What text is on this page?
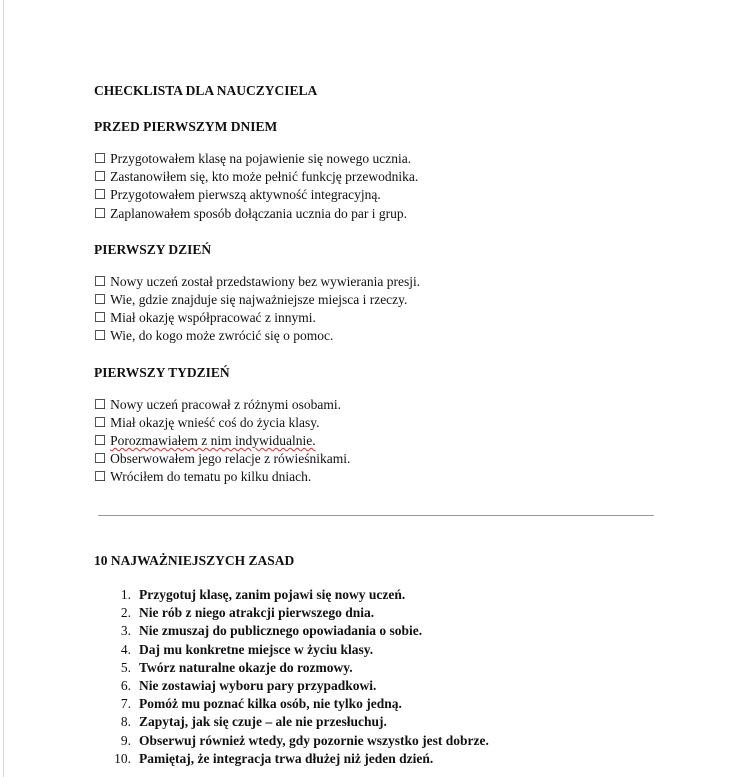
CHECKLISTA DLA NAUCZYCIELA

PRZED PIERWSZYM DNIEM

☐ Przygotowałem klasę na pojawienie się nowego ucznia.
☐ Zastanowiłem się, kto może pełnić funkcję przewodnika.
☐ Przygotowałem pierwszą aktywność integracyjną.
☐ Zaplanowałem sposób dołączania ucznia do par i grup.

PIERWSZY DZIEŃ

☐ Nowy uczeń został przedstawiony bez wywierania presji.
☐ Wie, gdzie znajduje się najważniejsze miejsca i rzeczy.
☐ Miał okazję współpracować z innymi.
☐ Wie, do kogo może zwrócić się o pomoc.

PIERWSZY TYDZIEŃ

☐ Nowy uczeń pracował z różnymi osobami.
☐ Miał okazję wnieść coś do życia klasy.
☐ Porozmawiałem z nim indywidualnie.
☐ Obserwowałem jego relacje z rówieśnikami.
☐ Wróciłem do tematu po kilku dniach.

10 NAJWAŻNIEJSZYCH ZASAD

1. Przygotuj klasę, zanim pojawi się nowy uczeń.
2. Nie rób z niego atrakcji pierwszego dnia.
3. Nie zmuszaj do publicznego opowiadania o sobie.
4. Daj mu konkretne miejsce w życiu klasy.
5. Twórz naturalne okazje do rozmowy.
6. Nie zostawiaj wyboru pary przypadkowi.
7. Pomóż mu poznać kilka osób, nie tylko jedną.
8. Zapytaj, jak się czuje – ale nie przesłuchuj.
9. Obserwuj również wtedy, gdy pozornie wszystko jest dobrze.
10. Pamiętaj, że integracja trwa dłużej niż jeden dzień.
